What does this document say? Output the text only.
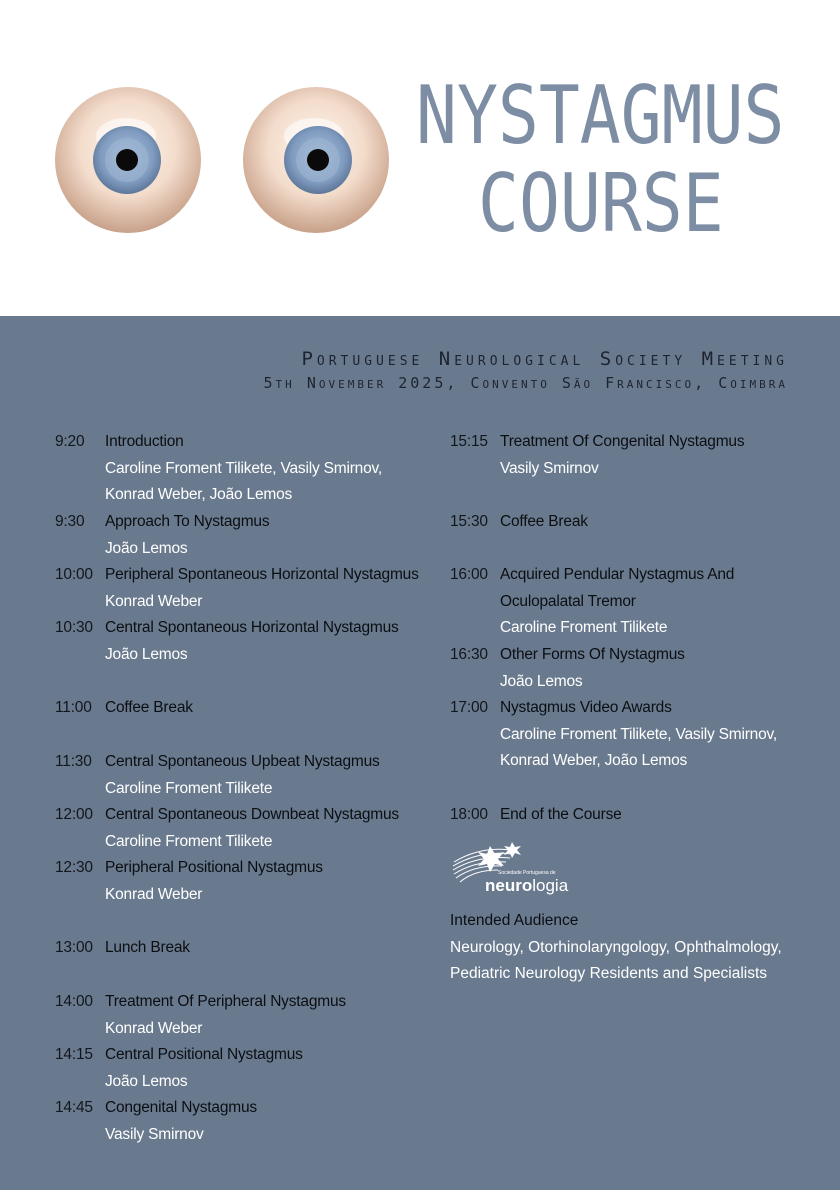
NYSTAGMUS
COURSE
Portuguese Neurological Society Meeting
5th November 2025, Convento São Francisco, Coimbra
9:20 Introduction
Caroline Froment Tilikete, Vasily Smirnov,
Konrad Weber, João Lemos
9:30 Approach To Nystagmus
João Lemos
10:00 Peripheral Spontaneous Horizontal Nystagmus
Konrad Weber
10:30 Central Spontaneous Horizontal Nystagmus
João Lemos
11:00 Coffee Break
11:30 Central Spontaneous Upbeat Nystagmus
Caroline Froment Tilikete
12:00 Central Spontaneous Downbeat Nystagmus
Caroline Froment Tilikete
12:30 Peripheral Positional Nystagmus
Konrad Weber
13:00 Lunch Break
14:00 Treatment Of Peripheral Nystagmus
Konrad Weber
14:15 Central Positional Nystagmus
João Lemos
14:45 Congenital Nystagmus
Vasily Smirnov
15:15 Treatment Of Congenital Nystagmus
Vasily Smirnov
15:30 Coffee Break
16:00 Acquired Pendular Nystagmus And
Oculopalatal Tremor
Caroline Froment Tilikete
16:30 Other Forms Of Nystagmus
João Lemos
17:00 Nystagmus Video Awards
Caroline Froment Tilikete, Vasily Smirnov,
Konrad Weber, João Lemos
18:00 End of the Course
Sociedade Portuguesa de
neurologia
Intended Audience
Neurology, Otorhinolaryngology, Ophthalmology,
Pediatric Neurology Residents and Specialists
